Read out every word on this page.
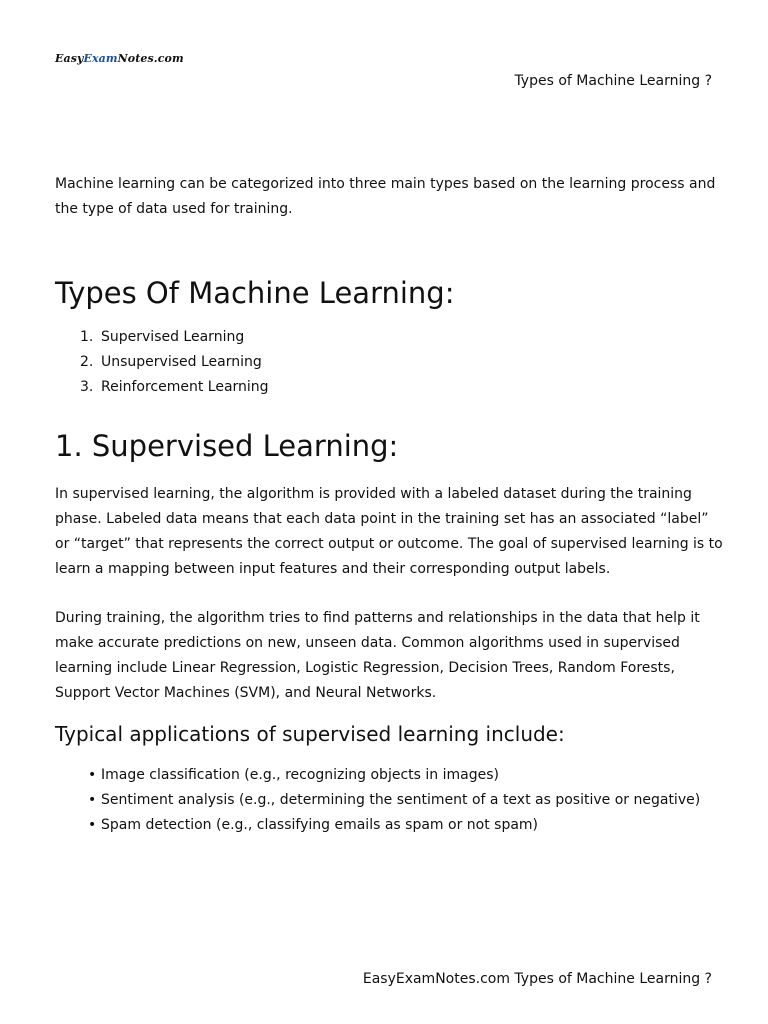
EasyExamNotes.com
Types of Machine Learning ?

Machine learning can be categorized into three main types based on the learning process and the type of data used for training.

Types Of Machine Learning:
1. Supervised Learning
2. Unsupervised Learning
3. Reinforcement Learning
1. Supervised Learning:

In supervised learning, the algorithm is provided with a labeled dataset during the training phase. Labeled data means that each data point in the training set has an associated “label” or “target” that represents the correct output or outcome. The goal of supervised learning is to learn a mapping between input features and their corresponding output labels.

During training, the algorithm tries to find patterns and relationships in the data that help it make accurate predictions on new, unseen data. Common algorithms used in supervised learning include Linear Regression, Logistic Regression, Decision Trees, Random Forests, Support Vector Machines (SVM), and Neural Networks.

Typical applications of supervised learning include:
• Image classification (e.g., recognizing objects in images)
• Sentiment analysis (e.g., determining the sentiment of a text as positive or negative)
• Spam detection (e.g., classifying emails as spam or not spam)
EasyExamNotes.com Types of Machine Learning ?
